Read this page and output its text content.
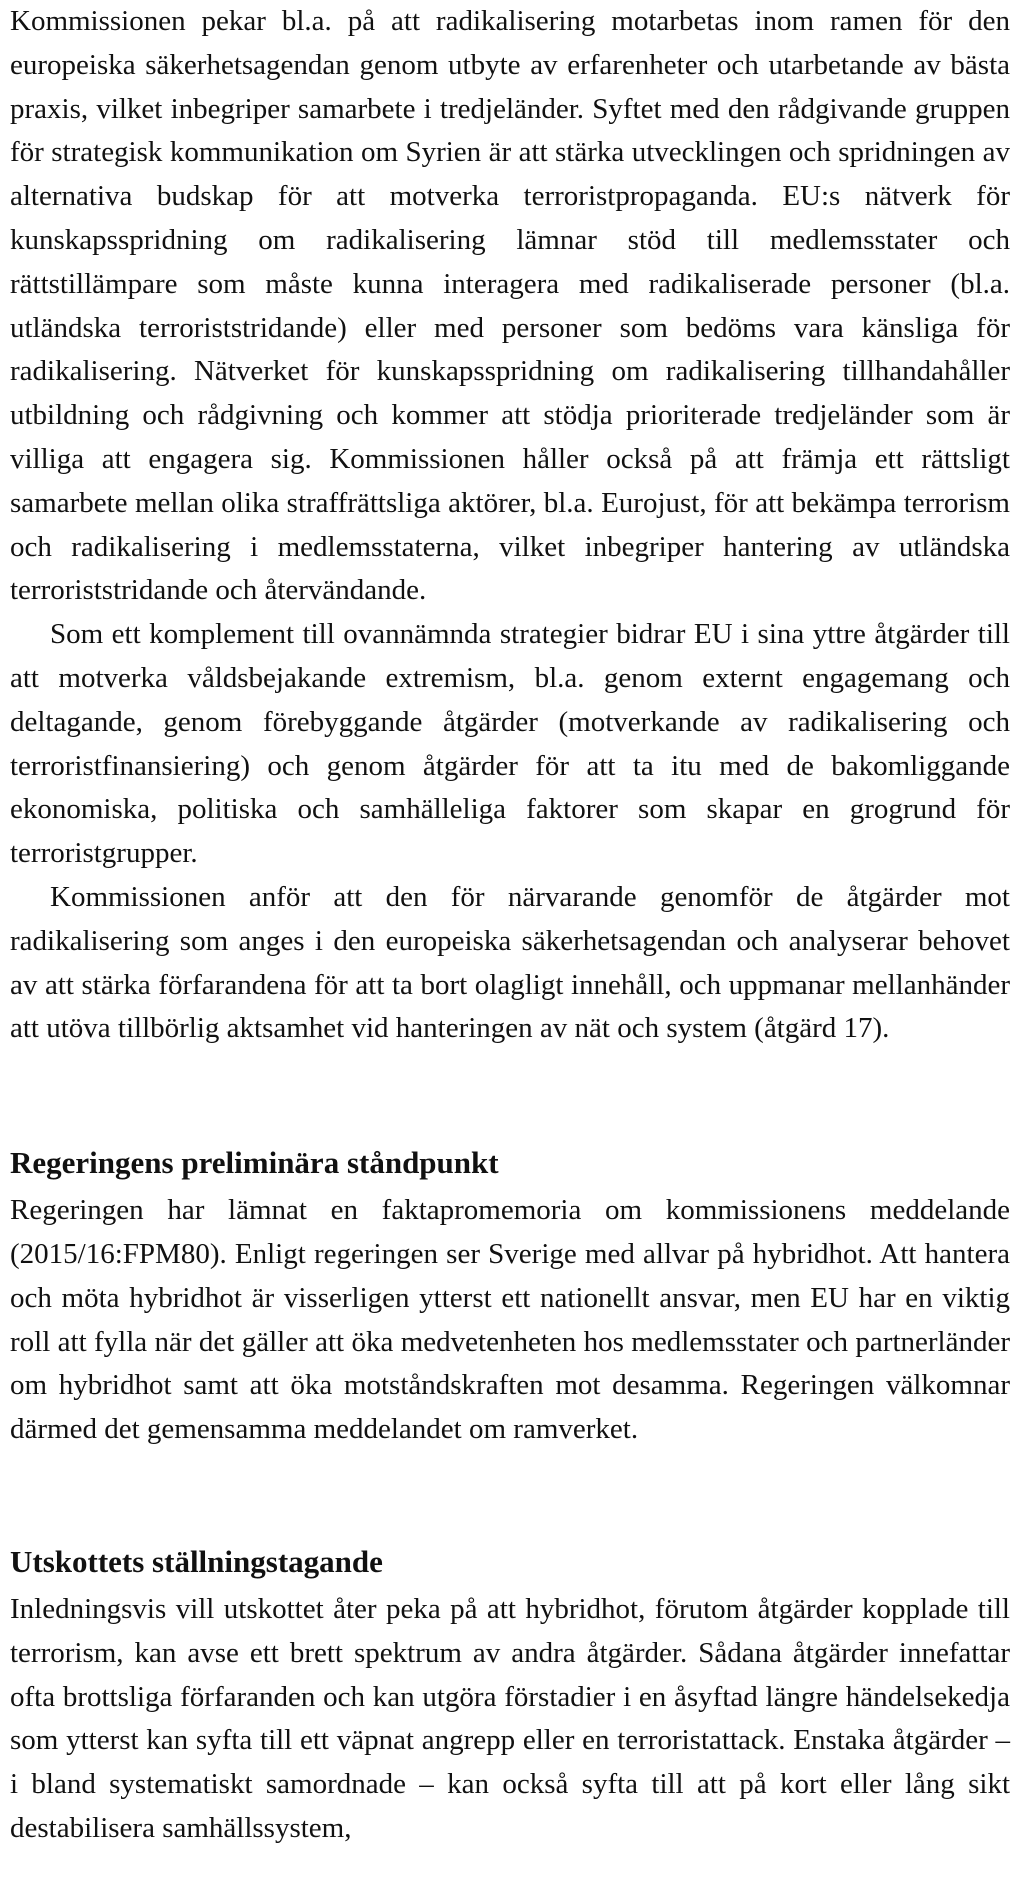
Kommissionen pekar bl.a. på att radikalisering motarbetas inom ramen för den europeiska säkerhetsagendan genom utbyte av erfarenheter och utarbetande av bästa praxis, vilket inbegriper samarbete i tredjeländer. Syftet med den rådgivande gruppen för strategisk kommunikation om Syrien är att stärka utvecklingen och spridningen av alternativa budskap för att motverka terroristpropaganda. EU:s nätverk för kunskapsspridning om radikalisering lämnar stöd till medlemsstater och rättstillämpare som måste kunna interagera med radikaliserade personer (bl.a. utländska terroriststridande) eller med personer som bedöms vara känsliga för radikalisering. Nätverket för kunskapsspridning om radikalisering tillhandahåller utbildning och rådgivning och kommer att stödja prioriterade tredjeländer som är villiga att engagera sig. Kommissionen håller också på att främja ett rättsligt samarbete mellan olika straffrättsliga aktörer, bl.a. Eurojust, för att bekämpa terrorism och radikalisering i medlemsstaterna, vilket inbegriper hantering av utländska terroriststridande och återvändande.

Som ett komplement till ovannämnda strategier bidrar EU i sina yttre åtgärder till att motverka våldsbejakande extremism, bl.a. genom externt engagemang och deltagande, genom förebyggande åtgärder (motverkande av radikalisering och terroristfinansiering) och genom åtgärder för att ta itu med de bakomliggande ekonomiska, politiska och samhälleliga faktorer som skapar en grogrund för terroristgrupper.

Kommissionen anför att den för närvarande genomför de åtgärder mot radikalisering som anges i den europeiska säkerhetsagendan och analyserar behovet av att stärka förfarandena för att ta bort olagligt innehåll, och uppmanar mellanhänder att utöva tillbörlig aktsamhet vid hanteringen av nät och system (åtgärd 17).

Regeringens preliminära ståndpunkt

Regeringen har lämnat en faktapromemoria om kommissionens meddelande (2015/16:FPM80). Enligt regeringen ser Sverige med allvar på hybridhot. Att hantera och möta hybridhot är visserligen ytterst ett nationellt ansvar, men EU har en viktig roll att fylla när det gäller att öka medvetenheten hos medlemsstater och partnerländer om hybridhot samt att öka motståndskraften mot desamma. Regeringen välkomnar därmed det gemensamma meddelandet om ramverket.

Utskottets ställningstagande

Inledningsvis vill utskottet åter peka på att hybridhot, förutom åtgärder kopplade till terrorism, kan avse ett brett spektrum av andra åtgärder. Sådana åtgärder innefattar ofta brottsliga förfaranden och kan utgöra förstadier i en åsyftad längre händelsekedja som ytterst kan syfta till ett väpnat angrepp eller en terroristattack. Enstaka åtgärder – i bland systematiskt samordnade – kan också syfta till att på kort eller lång sikt destabilisera samhällssystem,
